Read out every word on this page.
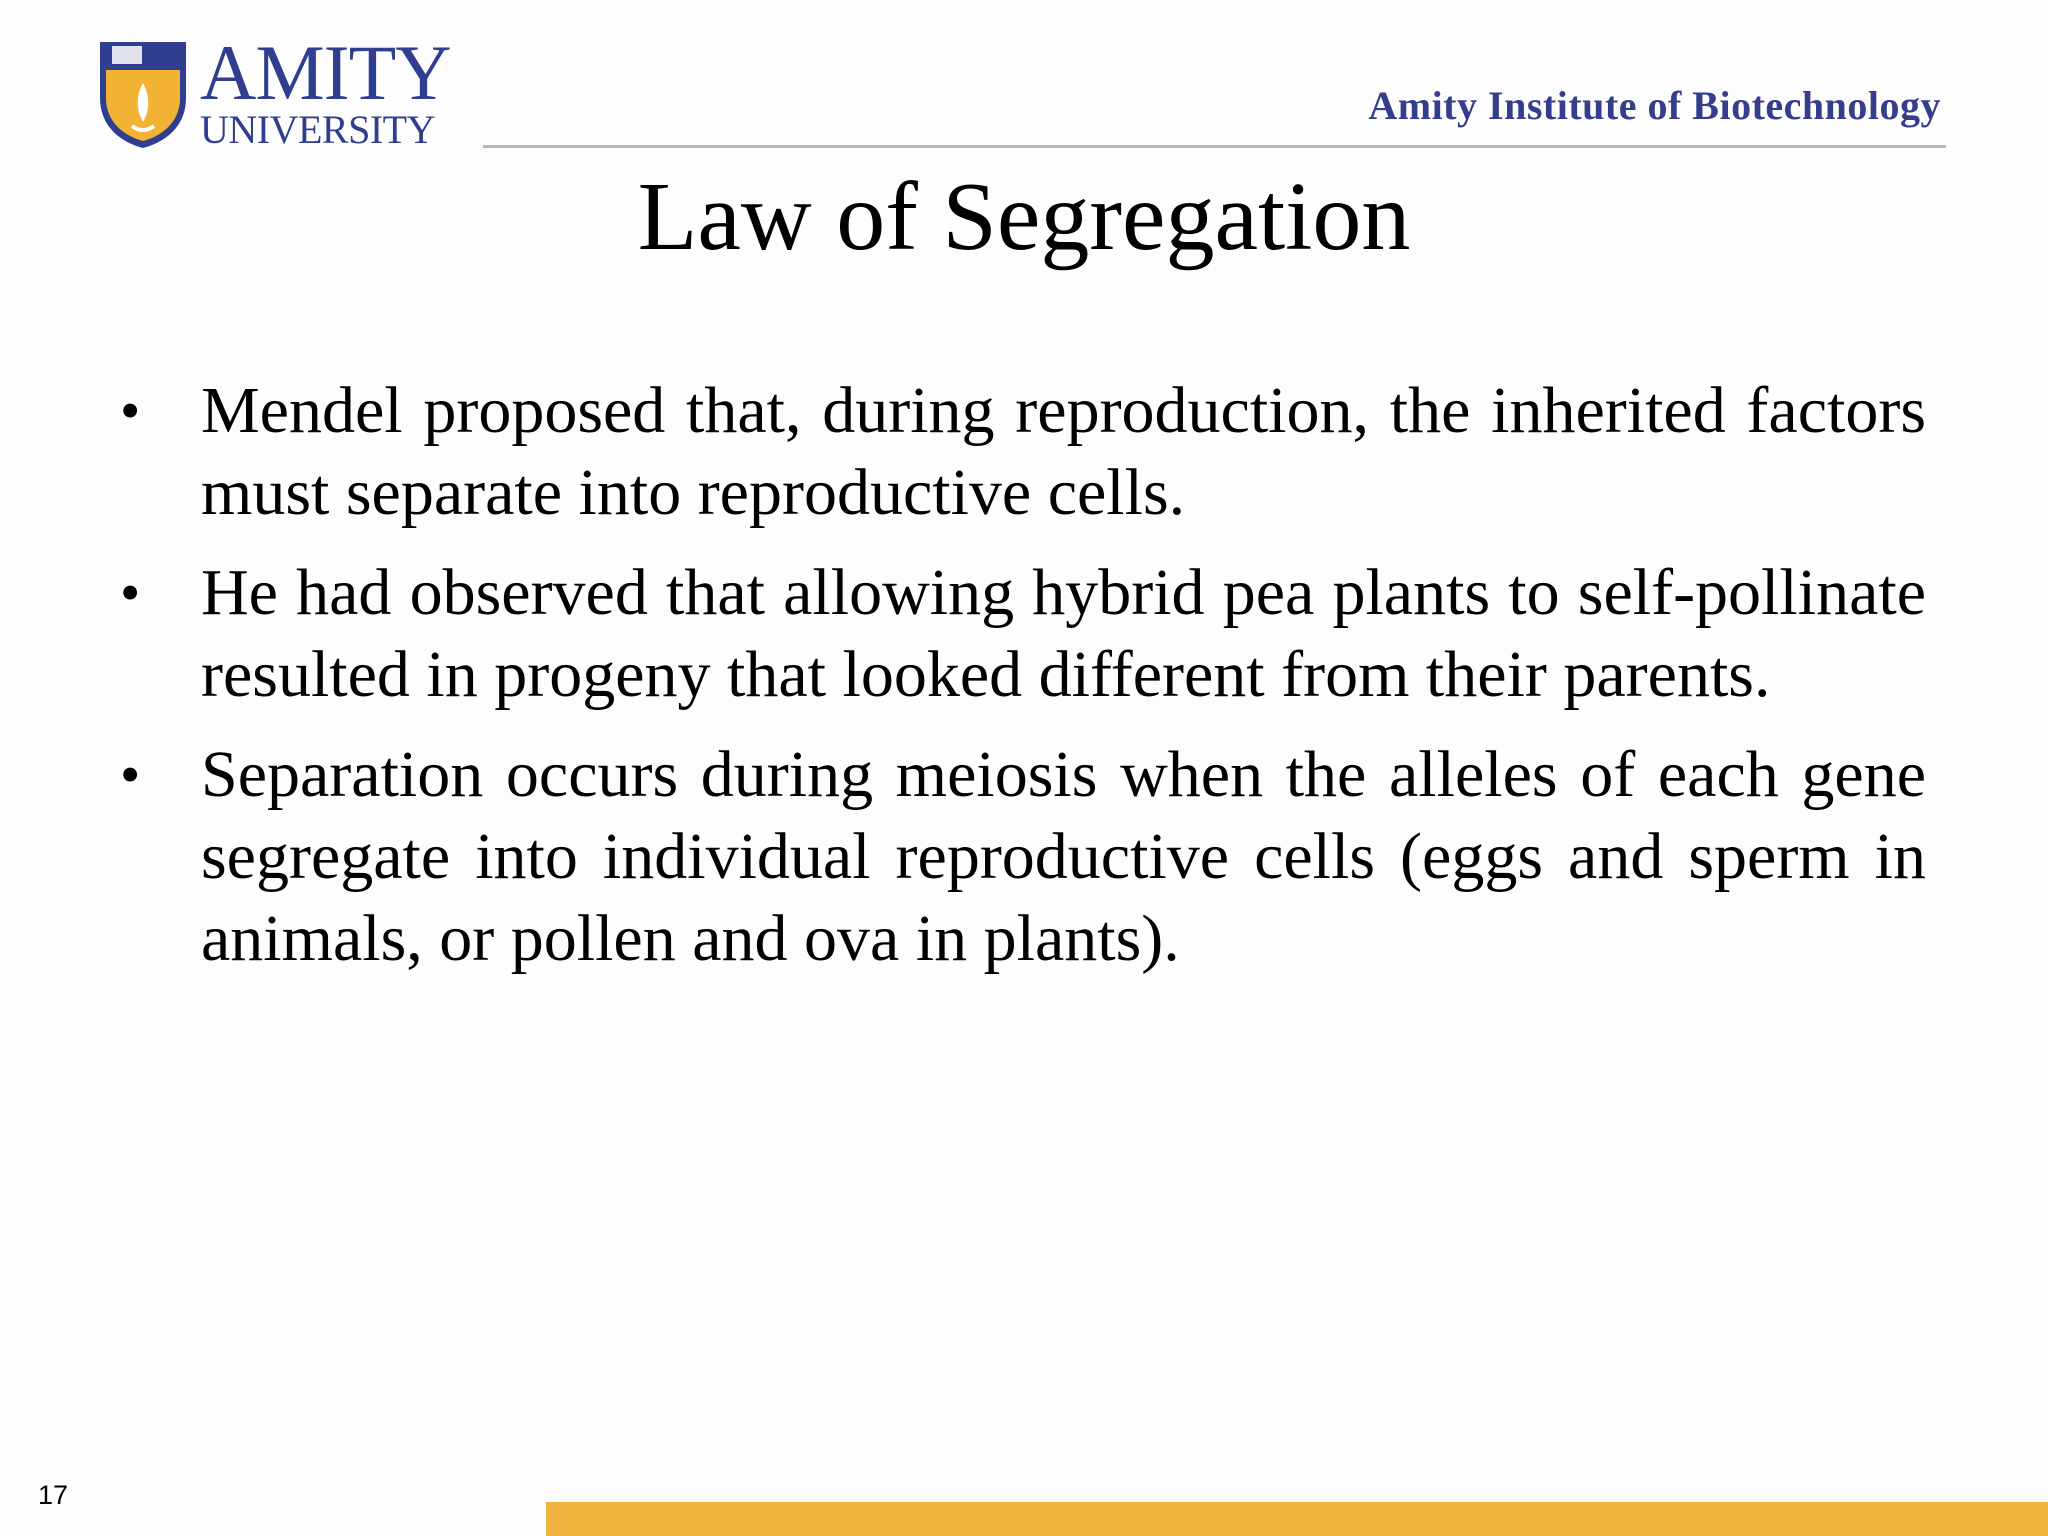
AMITY
UNIVERSITY
Amity Institute of Biotechnology
Law of Segregation
• Mendel proposed that, during reproduction, the inherited factors must separate into reproductive cells.
• He had observed that allowing hybrid pea plants to self-pollinate resulted in progeny that looked different from their parents.
• Separation occurs during meiosis when the alleles of each gene segregate into individual reproductive cells (eggs and sperm in animals, or pollen and ova in plants).
17
